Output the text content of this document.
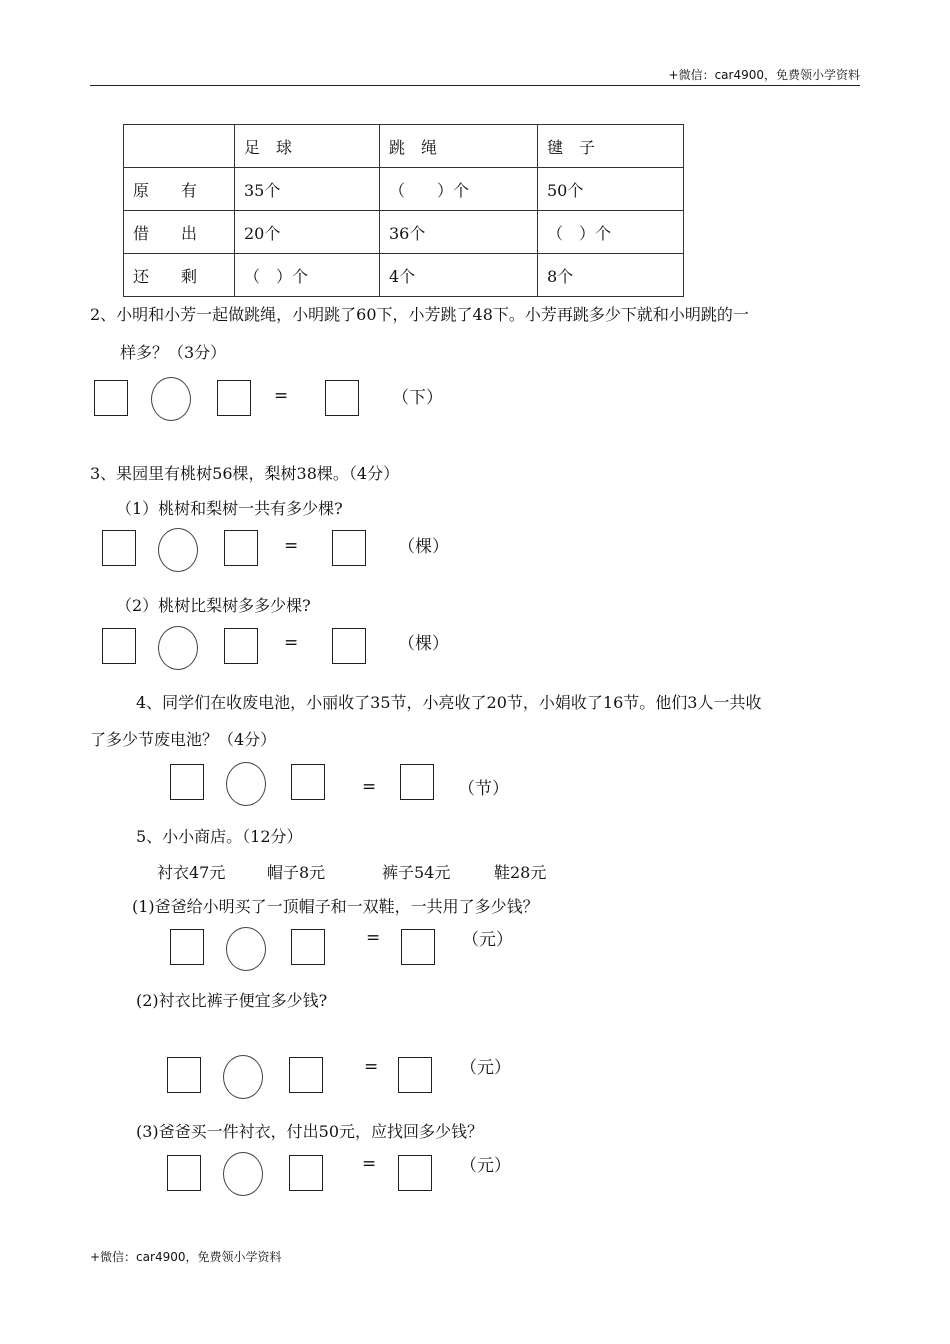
+微信：car4900，免费领小学资料
	足　球	跳　绳	毽　子
原　　有	35个	（　　）个	50个
借　　出	20个	36个	（　）个
还　　剩	（　）个	4个	8个
2、小明和小芳一起做跳绳，小明跳了60下，小芳跳了48下。小芳再跳多少下就和小明跳的一
样多？（3分）
=	（下）
3、果园里有桃树56棵，梨树38棵。（4分）
（1）桃树和梨树一共有多少棵?
=	（棵）
（2）桃树比梨树多多少棵?
=	（棵）
4、同学们在收废电池，小丽收了35节，小亮收了20节，小娟收了16节。他们3人一共收
了多少节废电池？（4分）
=	（节）
5、小小商店。（12分）
衬衣47元	帽子8元	裤子54元	鞋28元
(1)爸爸给小明买了一顶帽子和一双鞋，一共用了多少钱？
=	（元）
(2)衬衣比裤子便宜多少钱?
=	（元）
(3)爸爸买一件衬衣，付出50元，应找回多少钱？
=	（元）
+微信：car4900，免费领小学资料
